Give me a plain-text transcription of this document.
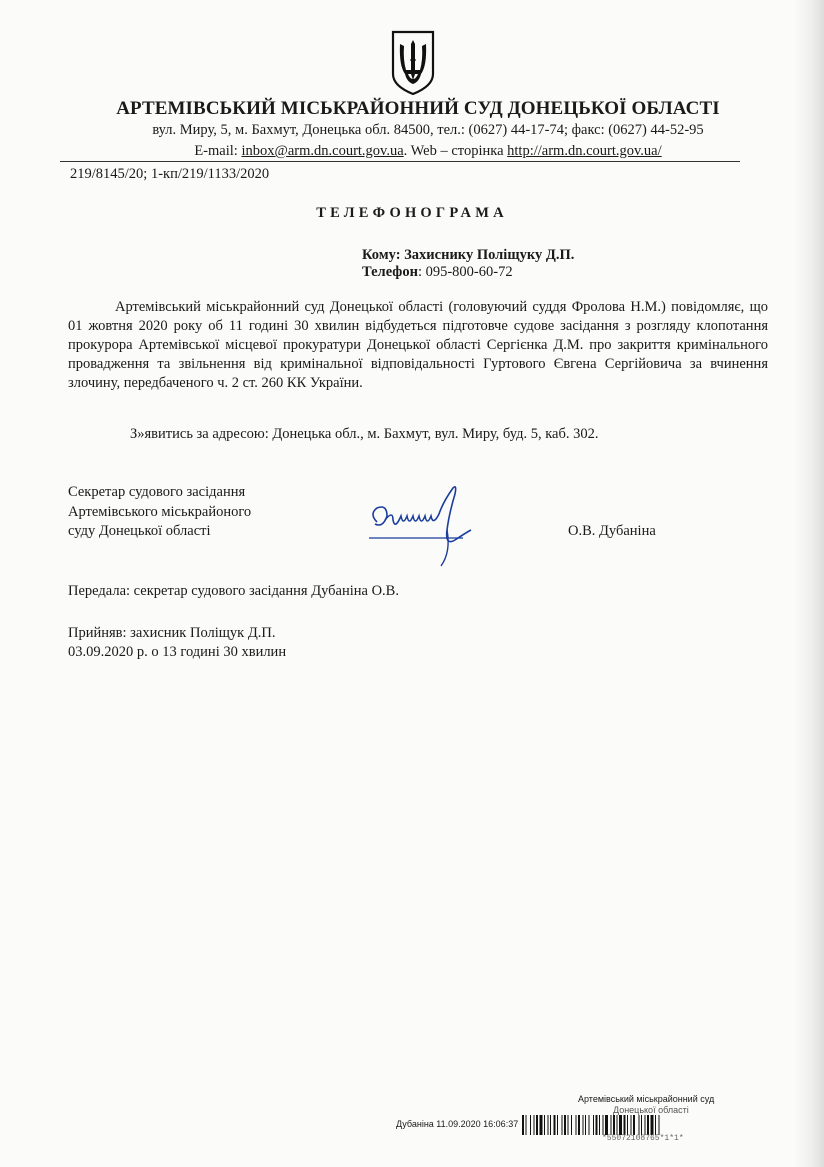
АРТЕМІВСЬКИЙ МІСЬКРАЙОННИЙ СУД ДОНЕЦЬКОЇ ОБЛАСТІ
вул. Миру, 5, м. Бахмут, Донецька обл. 84500, тел.: (0627) 44-17-74; факс: (0627) 44-52-95
E-mail: inbox@arm.dn.court.gov.ua. Web – сторінка http://arm.dn.court.gov.ua/
219/8145/20; 1-кп/219/1133/2020
ТЕЛЕФОНОГРАМА
Кому: Захиснику Поліщуку Д.П.
Телефон: 095-800-60-72
Артемівський міськрайонний суд Донецької області (головуючий суддя Фролова Н.М.) повідомляє, що 01 жовтня 2020 року об 11 годині 30 хвилин відбудеться підготовче судове засідання з розгляду клопотання прокурора Артемівської місцевої прокуратури Донецької області Сергієнка Д.М. про закриття кримінального провадження та звільнення від кримінальної відповідальності Гуртового Євгена Сергійовича за вчинення злочину, передбаченого ч. 2 ст. 260 КК України.
З»явитись за адресою: Донецька обл., м. Бахмут, вул. Миру, буд. 5, каб. 302.
Секретар судового засідання
Артемівського міськрайоного
суду Донецької області	О.В. Дубаніна
Передала: секретар судового засідання Дубаніна О.В.
Прийняв: захисник Поліщук Д.П.
03.09.2020 р. о 13 годині 30 хвилин
Артемівський міськрайонний суд
Донецької області
Дубаніна 11.09.2020 16:06:37
*55072108765*1*1*
